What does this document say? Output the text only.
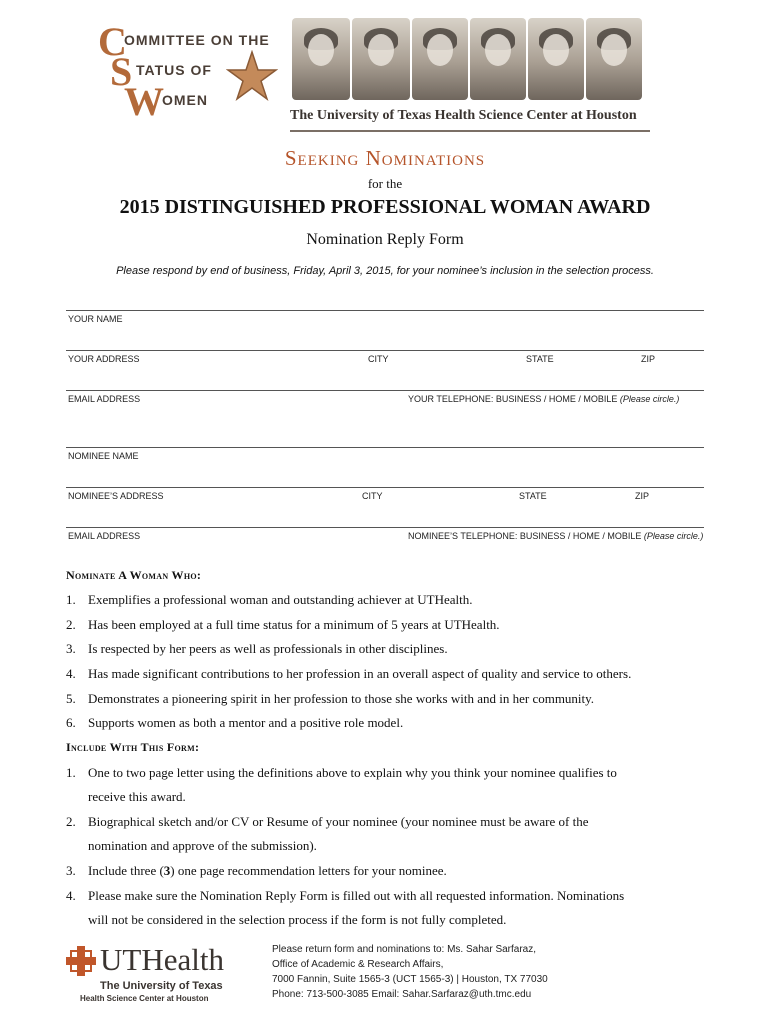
C
OMMITTEE ON THE
S TATUS OF
W
OMEN
The University of Texas Health Science Center at Houston
Seeking Nominations
for the
2015 DISTINGUISHED PROFESSIONAL WOMAN AWARD
Nomination Reply Form
Please respond by end of business, Friday, April 3, 2015, for your nominee’s inclusion in the selection process.
YOUR NAME
YOUR ADDRESS	CITY	STATE	ZIP
EMAIL ADDRESS	YOUR TELEPHONE: BUSINESS / HOME / MOBILE (Please circle.)
NOMINEE NAME
NOMINEE’S ADDRESS	CITY	STATE	ZIP
EMAIL ADDRESS	NOMINEE’S TELEPHONE: BUSINESS / HOME / MOBILE (Please circle.)
Nominate A Woman Who:
1. Exemplifies a professional woman and outstanding achiever at UTHealth.
2. Has been employed at a full time status for a minimum of 5 years at UTHealth.
3. Is respected by her peers as well as professionals in other disciplines.
4. Has made significant contributions to her profession in an overall aspect of quality and service to others.
5. Demonstrates a pioneering spirit in her profession to those she works with and in her community.
6. Supports women as both a mentor and a positive role model.
Include With This Form:
1. One to two page letter using the definitions above to explain why you think your nominee qualifies to
receive this award.
2. Biographical sketch and/or CV or Resume of your nominee (your nominee must be aware of the
nomination and approve of the submission).
3. Include three (3) one page recommendation letters for your nominee.
4. Please make sure the Nomination Reply Form is filled out with all requested information. Nominations
will not be considered in the selection process if the form is not fully completed.
UTHealth
The University of Texas
Health Science Center at Houston
Please return form and nominations to: Ms. Sahar Sarfaraz,
Office of Academic & Research Affairs,
7000 Fannin, Suite 1565-3 (UCT 1565-3) | Houston, TX 77030
Phone: 713-500-3085 Email: Sahar.Sarfaraz@uth.tmc.edu
